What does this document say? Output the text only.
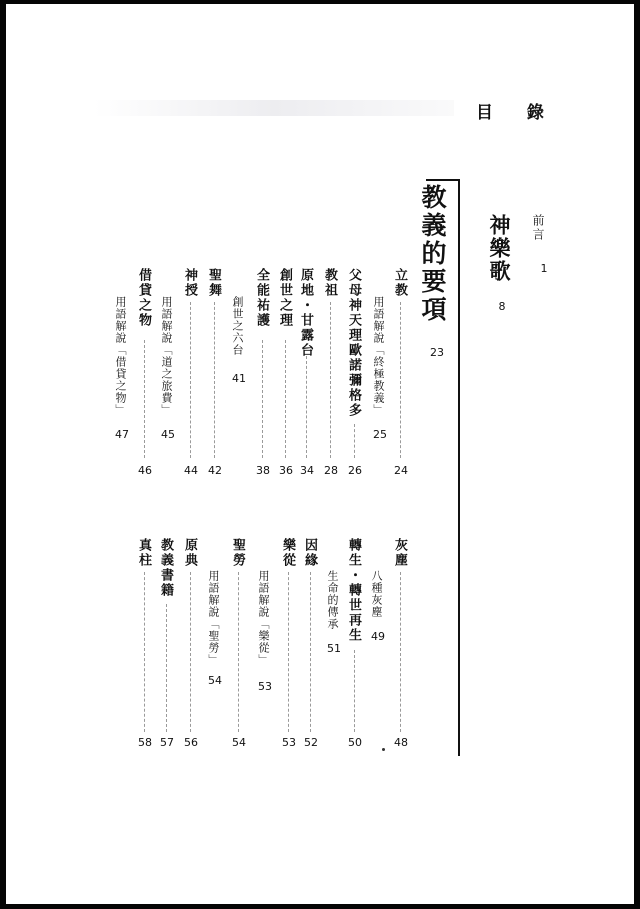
目 錄
前言
1
神樂歌
8
教義的要項
23
立教
24
用語解說「終極教義」
25
父母神天理歐諾彌格多
26
教祖
28
原地・甘露台
34
創世之理
36
全能祐護
38
創世之六台
41
聖舞
42
神授
44
用語解說「道之旅費」
45
借貸之物
46
用語解說「借貸之物」
47
灰塵
48
八種灰塵
49
轉生・轉世再生
50
生命的傳承
51
因緣
52
樂從
53
用語解說「樂從」
53
聖勞
54
用語解說「聖勞」
54
原典
56
教義書籍
57
真柱
58
